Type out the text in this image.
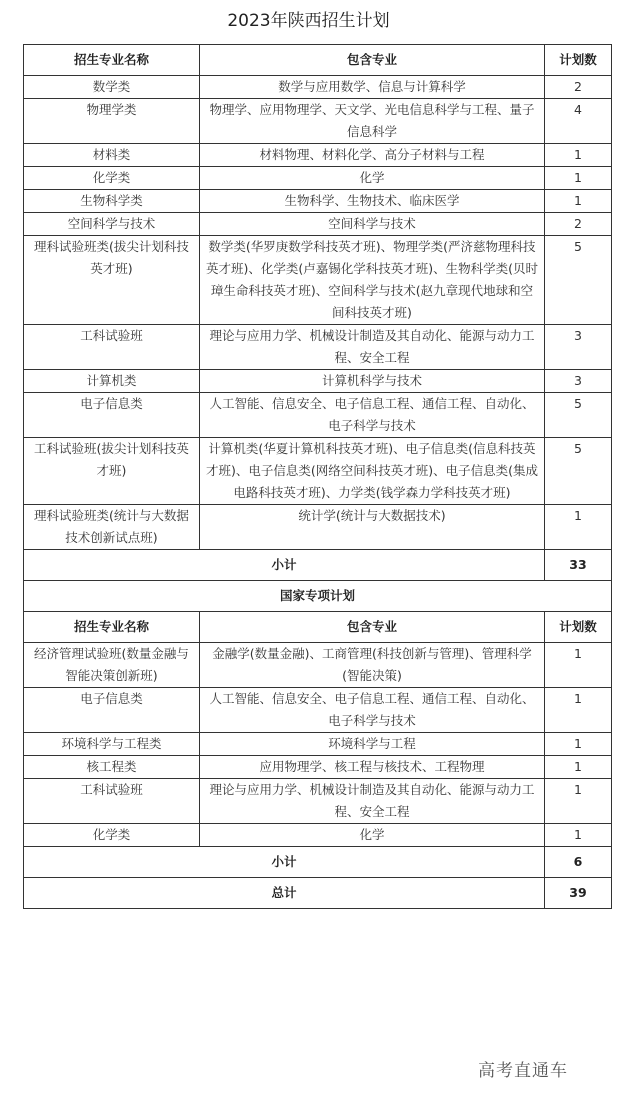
2023年陕西招生计划
招生专业名称	包含专业	计划数
数学类	数学与应用数学、信息与计算科学	2
物理学类	物理学、应用物理学、天文学、光电信息科学与工程、量子信息科学	4
材料类	材料物理、材料化学、高分子材料与工程	1
化学类	化学	1
生物科学类	生物科学、生物技术、临床医学	1
空间科学与技术	空间科学与技术	2
理科试验班类(拔尖计划科技英才班)	数学类(华罗庚数学科技英才班)、物理学类(严济慈物理科技英才班)、化学类(卢嘉锡化学科技英才班)、生物科学类(贝时璋生命科技英才班)、空间科学与技术(赵九章现代地球和空间科技英才班)	5
工科试验班	理论与应用力学、机械设计制造及其自动化、能源与动力工程、安全工程	3
计算机类	计算机科学与技术	3
电子信息类	人工智能、信息安全、电子信息工程、通信工程、自动化、电子科学与技术	5
工科试验班(拔尖计划科技英才班)	计算机类(华夏计算机科技英才班)、电子信息类(信息科技英才班)、电子信息类(网络空间科技英才班)、电子信息类(集成电路科技英才班)、力学类(钱学森力学科技英才班)	5
理科试验班类(统计与大数据技术创新试点班)	统计学(统计与大数据技术)	1
小计		33
国家专项计划		
招生专业名称	包含专业	计划数
经济管理试验班(数量金融与智能决策创新班)	金融学(数量金融)、工商管理(科技创新与管理)、管理科学(智能决策)	1
电子信息类	人工智能、信息安全、电子信息工程、通信工程、自动化、电子科学与技术	1
环境科学与工程类	环境科学与工程	1
核工程类	应用物理学、核工程与核技术、工程物理	1
工科试验班	理论与应用力学、机械设计制造及其自动化、能源与动力工程、安全工程	1
化学类	化学	1
小计		6
总计		39
高考直通车
